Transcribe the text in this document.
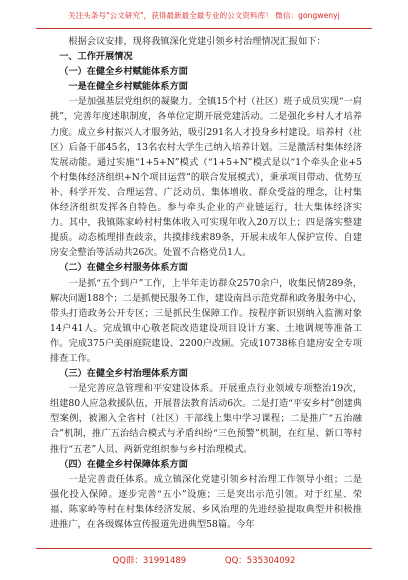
关注头条号"公文研究"，获得最新最全最专业的公文资料库！ 微信：gongwenyj

根据会议安排，现将我镇深化党建引领乡村治理情况汇报如下：

一、工作开展情况

（一）在健全乡村赋能体系方面

一是在健全乡村赋能体系方面

一是加强基层党组织的凝聚力。全镇15个村（社区）班子成员实现“一肩挑”，完善年度述职制度，各单位定期开展党建活动。二是强化乡村人才培养力度。成立乡村振兴人才服务站，吸引291名人才投身乡村建设。培养村（社区）后备干部45名，13名农村大学生己纳入培养计划。三是激活村集体经济发展动能。通过实施“1+5+N”模式（“1+5+N”模式是以“1个牵头企业+5个村集体经济组织+N个项目运营”的联合发展模式），秉承项目带动、优势互补、科学开发、合理运营、广泛动员、集体增收、群众受益的理念，让村集体经济组织发挥各自特色。参与牵头企业的产业链运行，壮大集体经济实力。其中，我镇陈家岭村村集体收入可实现年收入20万以上；四是落实整建提质。动态梳理排查歧亲，共摸排线索89条，开展未成年人保护宣传、自建房安全整治等活动共26次。处置不合格党员1人。

（二）在健全乡村服务体系方面

一是抓“五个到户”工作，上半年走访群众2570余户，收集民情289条，解决问题188个；二是抓便民服务工作，建设南昌示范党群和政务服务中心，带头打造政务公开专区；三是抓民生保障工作。按程序新识别纳入监测对象14户41人。完成镇中心敬老院改造建设项目设计方案、土地调规等准备工作。完成375户美丽庭院建设、2200户改厕。完成10738栋自建房安全专项排查工作。

（三）在健全乡村治理体系方面

一是完善应急管理和平安建设体系。开展重点行业领域专项整治19次，组建80人应急救援队伍，开展普法教育活动6次。二是打造“平安乡村”创建典型案例，被湘入全省村（社区）干部线上集中学习课程；二是推广“五治融合”机制，推广五治结合模式与矛盾纠纷“三色预警”机制，在红星、新口等村推行“五老”人员、两新党组织参与乡村治理模式。

（四）在健全乡村保障体系方面

一是完善责任体系。成立镇深化党建引领乡村治理工作领导小组；二是强化投入保障。逐步完善“五小”设施；三是突出示范引领。对于红星、荣福、陈家岭等村在村集体经济发展、乡风治理的先进经验提取典型并积极推进推广，在各级媒体宣传报道先进典型58篇。今年

QQ群：31991489	QQ：535304092
